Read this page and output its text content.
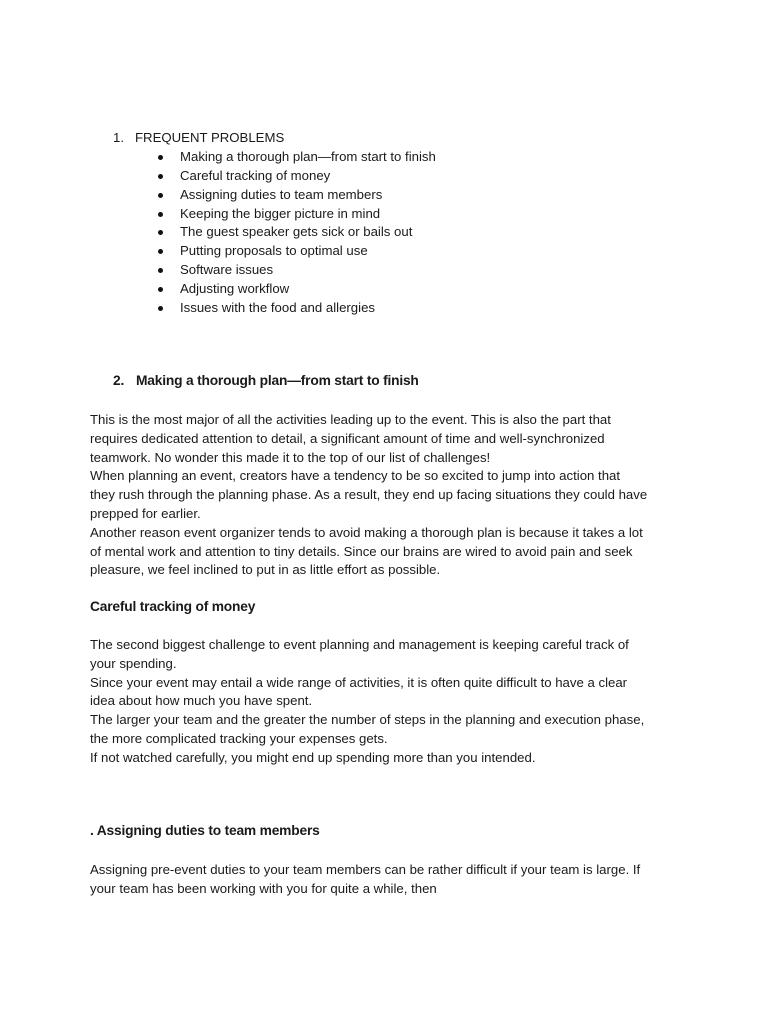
1. FREQUENT PROBLEMS
Making a thorough plan—from start to finish
Careful tracking of money
Assigning duties to team members
Keeping the bigger picture in mind
The guest speaker gets sick or bails out
Putting proposals to optimal use
Software issues
Adjusting workflow
Issues with the food and allergies
2. Making a thorough plan—from start to finish
This is the most major of all the activities leading up to the event. This is also the part that
requires dedicated attention to detail, a significant amount of time and well-synchronized
teamwork. No wonder this made it to the top of our list of challenges!
When planning an event, creators have a tendency to be so excited to jump into action that
they rush through the planning phase. As a result, they end up facing situations they could have
prepped for earlier.
Another reason event organizer tends to avoid making a thorough plan is because it takes a lot
of mental work and attention to tiny details. Since our brains are wired to avoid pain and seek
pleasure, we feel inclined to put in as little effort as possible.
Careful tracking of money
The second biggest challenge to event planning and management is keeping careful track of
your spending.
Since your event may entail a wide range of activities, it is often quite difficult to have a clear
idea about how much you have spent.
The larger your team and the greater the number of steps in the planning and execution phase,
the more complicated tracking your expenses gets.
If not watched carefully, you might end up spending more than you intended.
. Assigning duties to team members
Assigning pre-event duties to your team members can be rather difficult if your team is large. If
your team has been working with you for quite a while, then
